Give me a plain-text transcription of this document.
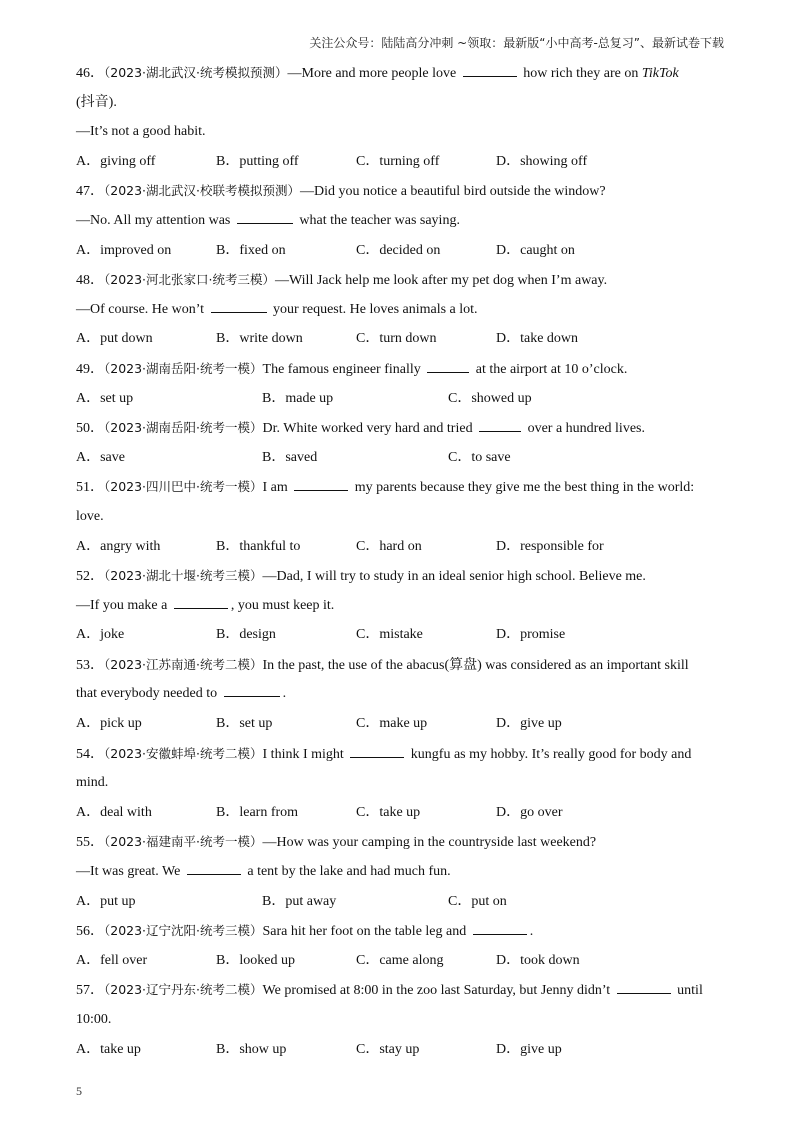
关注公众号：陆陆高分冲刺 ~领取：最新版“小中高考-总复习”、最新试卷下载
46．（2023·湖北武汉·统考模拟预测）—More and more people love	how rich they are on TikTok
(抖音).
—It’s not a good habit.
A．giving off	B．putting off	C．turning off	D．showing off
47．（2023·湖北武汉·校联考模拟预测）—Did you notice a beautiful bird outside the window?
—No. All my attention was	what the teacher was saying.
A．improved on	B．fixed on	C．decided on	D．caught on
48．（2023·河北张家口·统考三模）—Will Jack help me look after my pet dog when I’m away.
—Of course. He won’t	your request. He loves animals a lot.
A．put down	B．write down	C．turn down	D．take down
49．（2023·湖南岳阳·统考一模）The famous engineer finally	at the airport at 10 o’clock.
A．set up	B．made up	C．showed up
50．（2023·湖南岳阳·统考一模）Dr. White worked very hard and tried	over a hundred lives.
A．save	B．saved	C．to save
51．（2023·四川巴中·统考一模）I am	my parents because they give me the best thing in the world:
love.
A．angry with	B．thankful to	C．hard on	D．responsible for
52．（2023·湖北十堰·统考三模）—Dad, I will try to study in an ideal senior high school. Believe me.
—If you make a	, you must keep it.
A．joke	B．design	C．mistake	D．promise
53．（2023·江苏南通·统考二模）In the past, the use of the abacus(算盘) was considered as an important skill
that everybody needed to	.
A．pick up	B．set up	C．make up	D．give up
54．（2023·安徽蚌埠·统考二模）I think I might	kungfu as my hobby. It’s really good for body and
mind.
A．deal with	B．learn from	C．take up	D．go over
55．（2023·福建南平·统考一模）—How was your camping in the countryside last weekend?
—It was great. We	a tent by the lake and had much fun.
A．put up	B．put away	C．put on
56．（2023·辽宁沈阳·统考三模）Sara hit her foot on the table leg and	.
A．fell over	B．looked up	C．came along	D．took down
57．（2023·辽宁丹东·统考二模）We promised at 8:00 in the zoo last Saturday, but Jenny didn’t	until
10:00.
A．take up	B．show up	C．stay up	D．give up
5
